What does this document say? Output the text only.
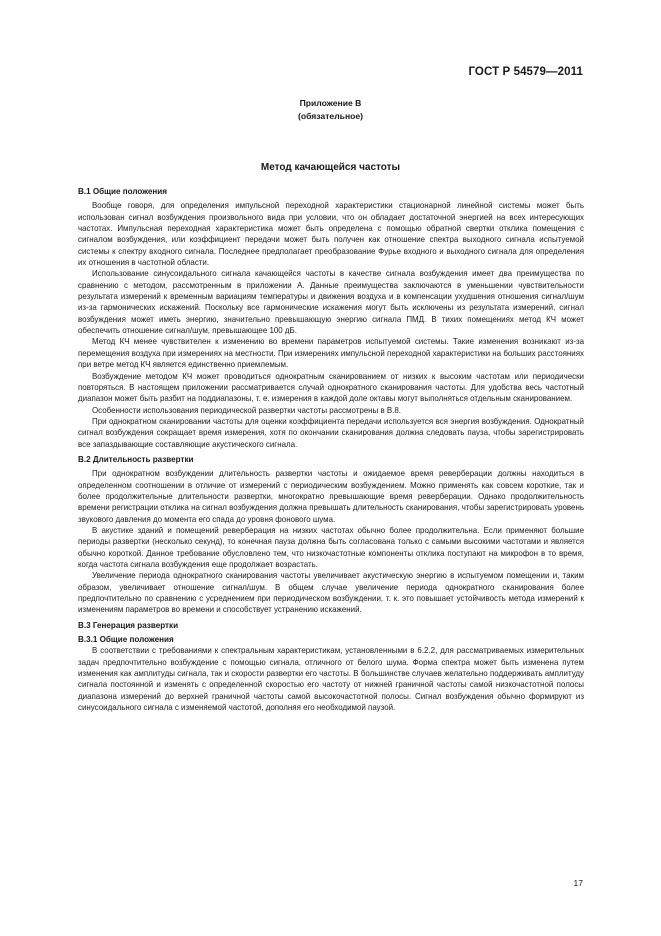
ГОСТ Р 54579—2011
Приложение В
(обязательное)
Метод качающейся частоты
В.1 Общие положения

Вообще говоря, для определения импульсной переходной характеристики стационарной линейной системы может быть использован сигнал возбуждения произвольного вида при условии, что он обладает достаточной энергией на всех интересующих частотах. Импульсная переходная характеристика может быть определена с помощью обратной свертки отклика помещения с сигналом возбуждения, или коэффициент передачи может быть получен как отношение спектра выходного сигнала испытуемой системы к спектру входного сигнала. Последнее предполагает преобразование Фурье входного и выходного сигнала для определения их отношения в частотной области.

Использование синусоидального сигнала качающейся частоты в качестве сигнала возбуждения имеет два преимущества по сравнению с методом, рассмотренным в приложении А. Данные преимущества заключаются в уменьшении чувствительности результата измерений к временным вариациям температуры и движения воздуха и в компенсации ухудшения отношения сигнал/шум из-за гармонических искажений. Поскольку все гармонические искажения могут быть исключены из результата измерений, сигнал возбуждения может иметь энергию, значительно превышающую энергию сигнала ПМД. В тихих помещениях метод КЧ может обеспечить отношение сигнал/шум, превышающее 100 дБ.

Метод КЧ менее чувствителен к изменению во времени параметров испытуемой системы. Такие изменения возникают из-за перемещения воздуха при измерениях на местности. При измерениях импульсной переходной характеристики на больших расстояниях при ветре метод КЧ является единственно приемлемым.

Возбуждение методом КЧ может проводиться однократным сканированием от низких к высоким частотам или периодически повторяться. В настоящем приложении рассматривается случай однократного сканирования частоты. Для удобства весь частотный диапазон может быть разбит на поддиапазоны, т. е. измерения в каждой доле октавы могут выполняться отдельным сканированием.

Особенности использования периодической развертки частоты рассмотрены в В.8.

При однократном сканировании частоты для оценки коэффициента передачи используется вся энергия возбуждения. Однократный сигнал возбуждения сокращает время измерения, хотя по окончании сканирования должна следовать пауза, чтобы зарегистрировать все запаздывающие составляющие акустического сигнала.

В.2 Длительность развертки

При однократном возбуждении длительность развертки частоты и ожидаемое время реверберации должны находиться в определенном соотношении в отличие от измерений с периодическим возбуждением. Можно применять как совсем короткие, так и более продолжительные длительности развертки, многократно превышающие время реверберации. Однако продолжительность времени регистрации отклика на сигнал возбуждения должна превышать длительность сканирования, чтобы зарегистрировать уровень звукового давления до момента его спада до уровня фонового шума.

В акустике зданий и помещений реверберация на низких частотах обычно более продолжительна. Если применяют большие периоды развертки (несколько секунд), то конечная пауза должна быть согласована только с самыми высокими частотами и является обычно короткой. Данное требование обусловлено тем, что низкочастотные компоненты отклика поступают на микрофон в то время, когда частота сигнала возбуждения еще продолжает возрастать.

Увеличение периода однократного сканирования частоты увеличивает акустическую энергию в испытуемом помещении и, таким образом, увеличивает отношение сигнал/шум. В общем случае увеличение периода однократного сканирования более предпочтительно по сравнению с усреднением при периодическом возбуждении, т. к. это повышает устойчивость метода измерений к изменениям параметров во времени и способствует устранению искажений.

В.3 Генерация развертки
В.3.1 Общие положения

В соответствии с требованиями к спектральным характеристикам, установленными в 6.2.2, для рассматриваемых измерительных задач предпочтительно возбуждение с помощью сигнала, отличного от белого шума. Форма спектра может быть изменена путем изменения как амплитуды сигнала, так и скорости развертки его частоты. В большинстве случаев желательно поддерживать амплитуду сигнала постоянной и изменять с определенной скоростью его частоту от нижней граничной частоты самой низкочастотной полосы диапазона измерений до верхней граничной частоты самой высокочастотной полосы. Сигнал возбуждения обычно формируют из синусоидального сигнала с изменяемой частотой, дополняя его необходимой паузой.

17
